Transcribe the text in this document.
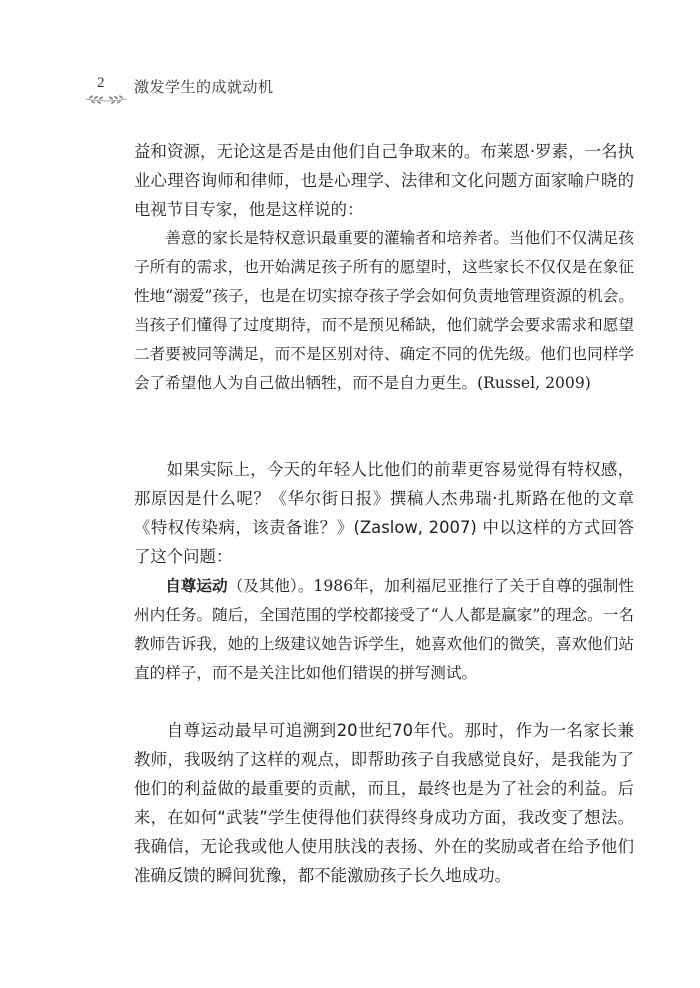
2 激发学生的成就动机

益和资源，无论这是否是由他们自己争取来的。布莱恩·罗素，一名执业心理咨询师和律师，也是心理学、法律和文化问题方面家喻户晓的电视节目专家，他是这样说的：

善意的家长是特权意识最重要的灌输者和培养者。当他们不仅满足孩子所有的需求，也开始满足孩子所有的愿望时，这些家长不仅仅是在象征性地“溺爱”孩子，也是在切实掠夺孩子学会如何负责地管理资源的机会。当孩子们懂得了过度期待，而不是预见稀缺，他们就学会要求需求和愿望二者要被同等满足，而不是区别对待、确定不同的优先级。他们也同样学会了希望他人为自己做出牺牲，而不是自力更生。(Russel, 2009)

如果实际上，今天的年轻人比他们的前辈更容易觉得有特权感，那原因是什么呢？《华尔街日报》撰稿人杰弗瑞·扎斯路在他的文章《特权传染病，该责备谁？》(Zaslow, 2007) 中以这样的方式回答了这个问题：

自尊运动（及其他）。1986年，加利福尼亚推行了关于自尊的强制性州内任务。随后，全国范围的学校都接受了“人人都是赢家”的理念。一名教师告诉我，她的上级建议她告诉学生，她喜欢他们的微笑，喜欢他们站直的样子，而不是关注比如他们错误的拼写测试。

自尊运动最早可追溯到20世纪70年代。那时，作为一名家长兼教师，我吸纳了这样的观点，即帮助孩子自我感觉良好，是我能为了他们的利益做的最重要的贡献，而且，最终也是为了社会的利益。后来，在如何“武装”学生使得他们获得终身成功方面，我改变了想法。我确信，无论我或他人使用肤浅的表扬、外在的奖励或者在给予他们准确反馈的瞬间犹豫，都不能激励孩子长久地成功。
